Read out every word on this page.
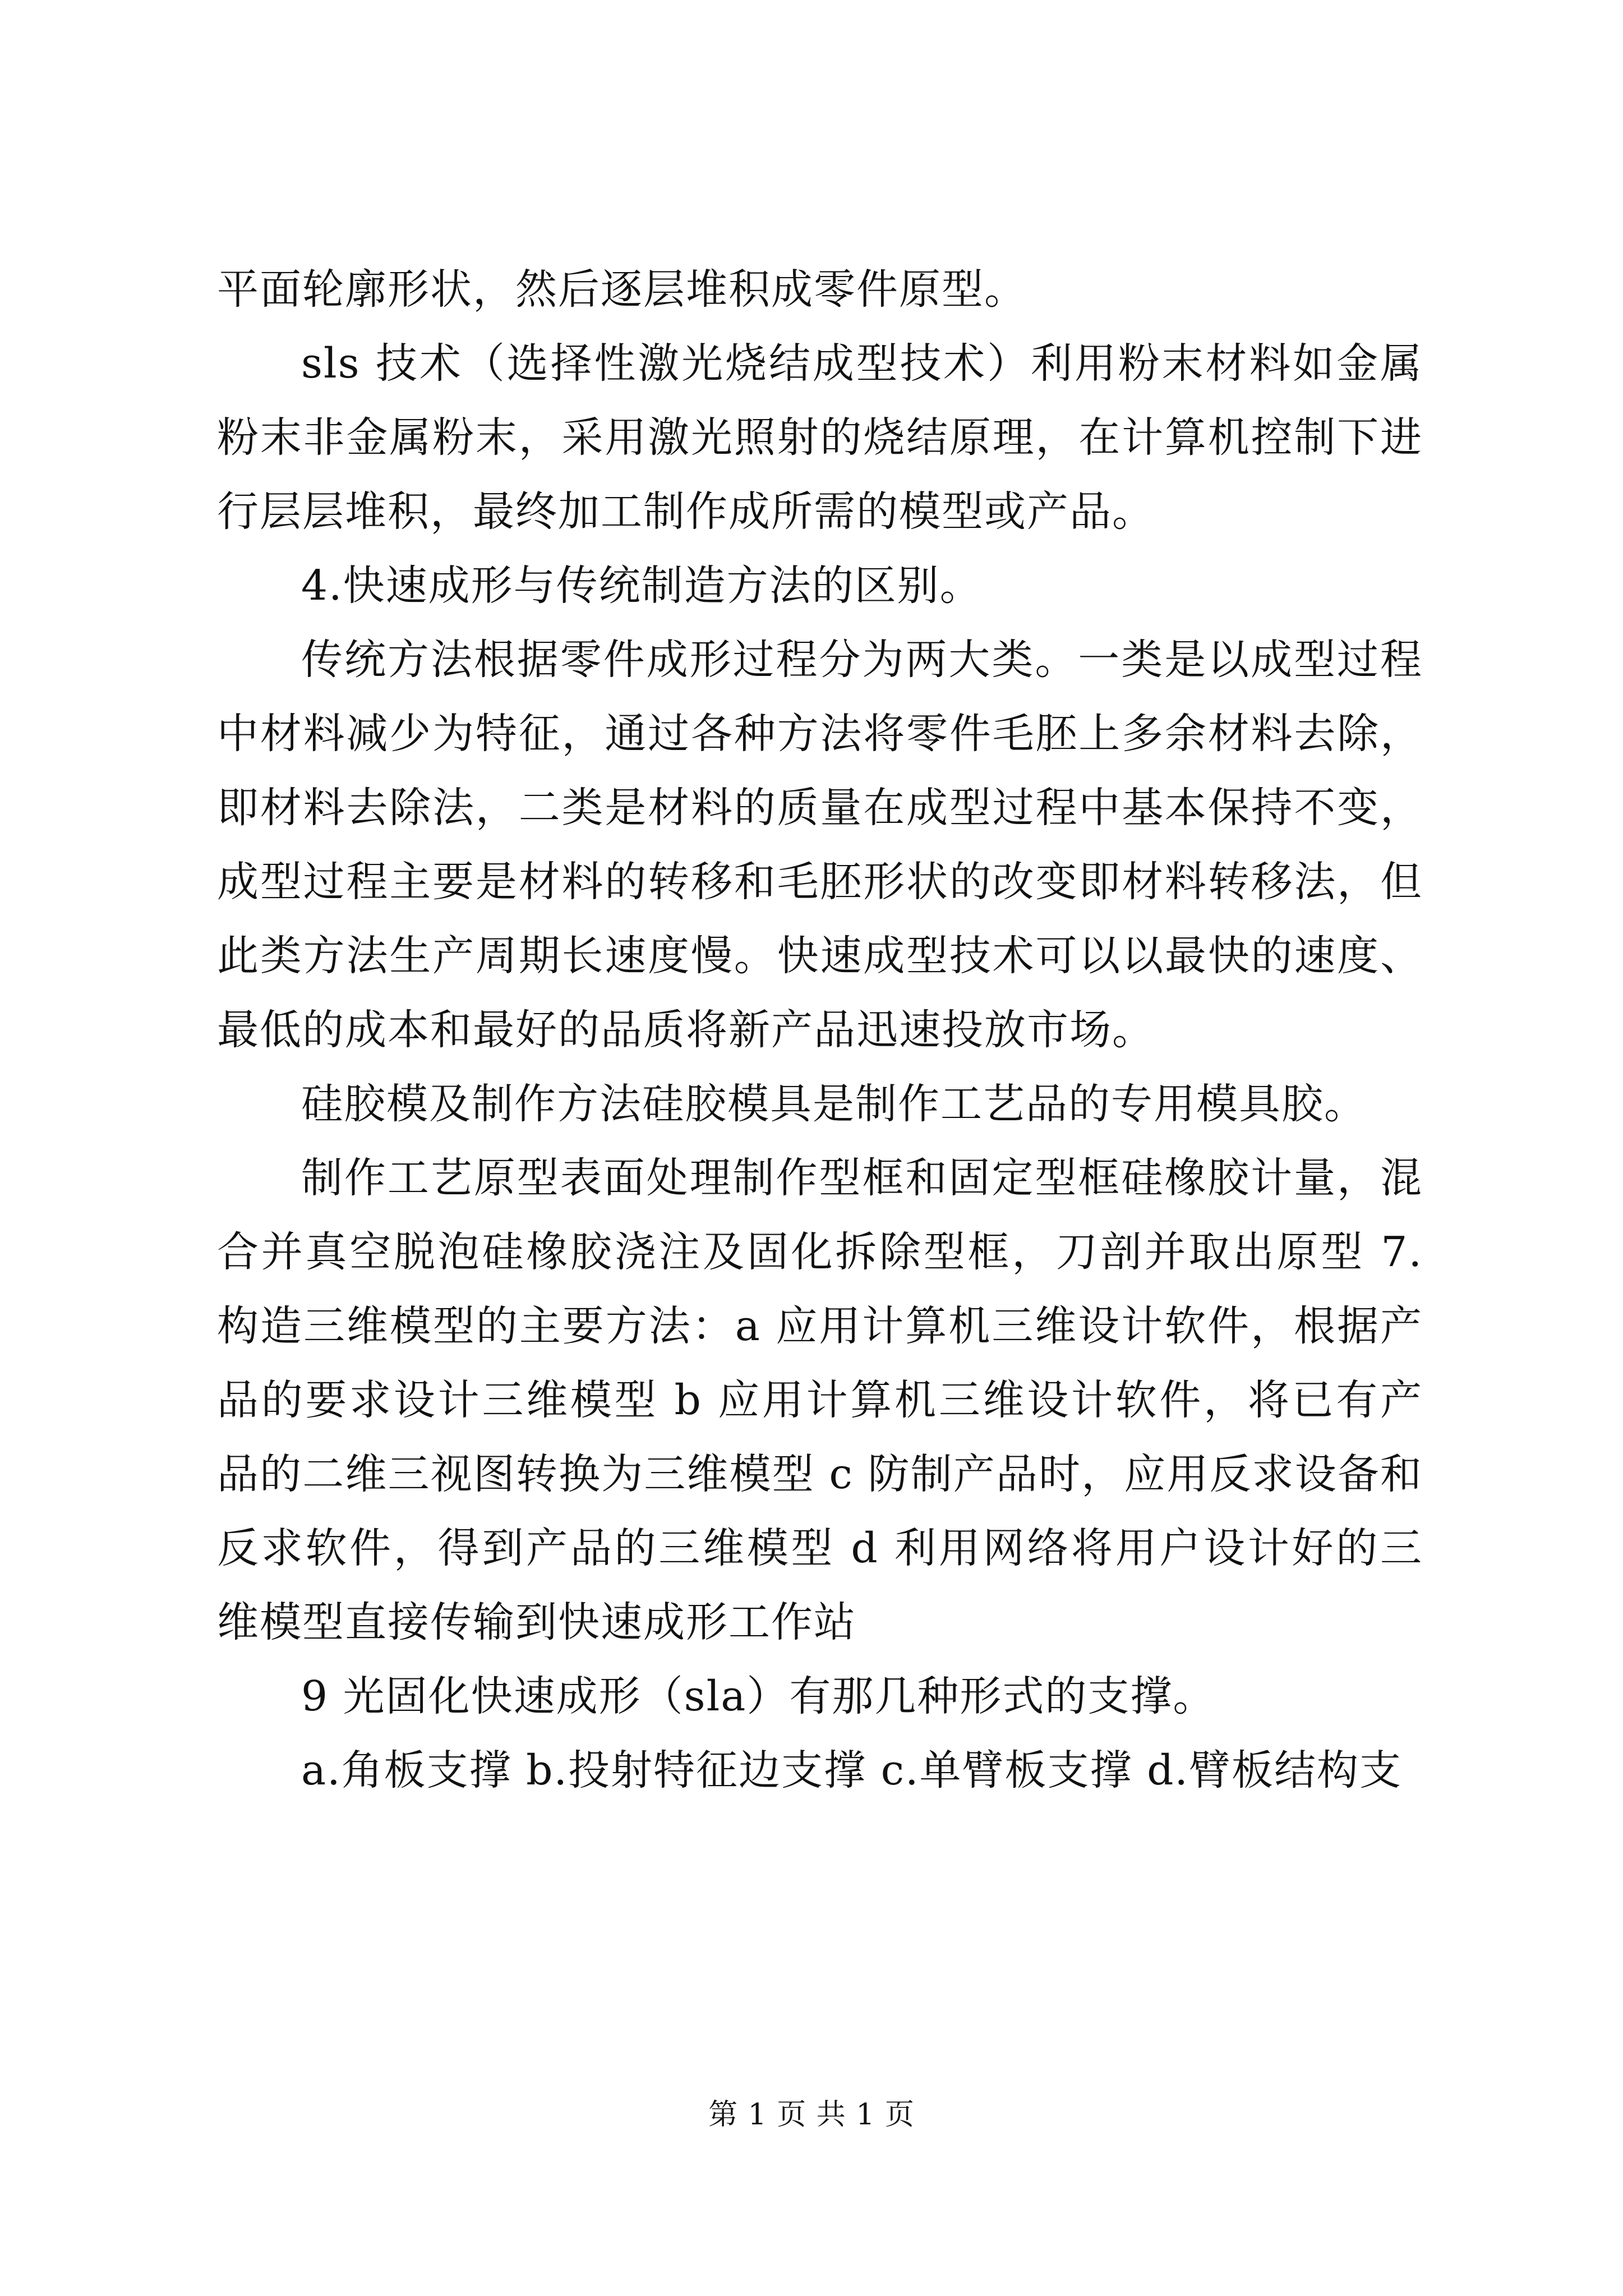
平面轮廓形状，然后逐层堆积成零件原型。

sls 技术（选择性激光烧结成型技术）利用粉末材料如金属粉末非金属粉末，采用激光照射的烧结原理，在计算机控制下进行层层堆积，最终加工制作成所需的模型或产品。

4.快速成形与传统制造方法的区别。

传统方法根据零件成形过程分为两大类。一类是以成型过程中材料减少为特征，通过各种方法将零件毛胚上多余材料去除，即材料去除法，二类是材料的质量在成型过程中基本保持不变，成型过程主要是材料的转移和毛胚形状的改变即材料转移法，但此类方法生产周期长速度慢。快速成型技术可以以最快的速度、最低的成本和最好的品质将新产品迅速投放市场。

硅胶模及制作方法硅胶模具是制作工艺品的专用模具胶。

制作工艺原型表面处理制作型框和固定型框硅橡胶计量，混合并真空脱泡硅橡胶浇注及固化拆除型框，刀剖并取出原型 7.构造三维模型的主要方法：a 应用计算机三维设计软件，根据产品的要求设计三维模型 b 应用计算机三维设计软件，将已有产品的二维三视图转换为三维模型 c 防制产品时，应用反求设备和反求软件，得到产品的三维模型 d 利用网络将用户设计好的三维模型直接传输到快速成形工作站

9 光固化快速成形（sla）有那几种形式的支撑。

a.角板支撑 b.投射特征边支撑 c.单臂板支撑 d.臂板结构支

第 1 页 共 1 页
